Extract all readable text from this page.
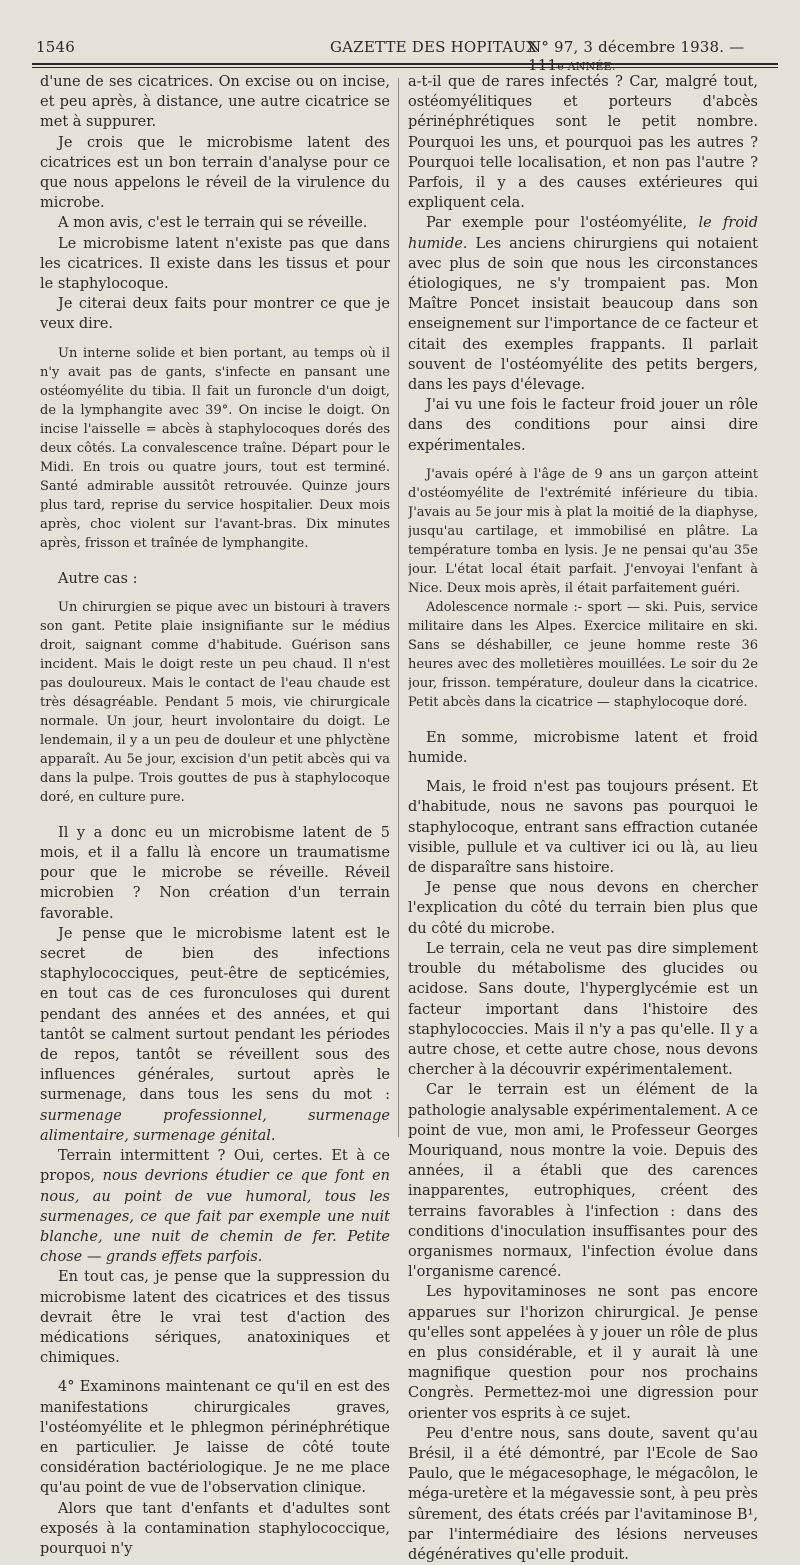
1546	GAZETTE DES HOPITAUX
N° 97, 3 décembre 1938. — 111e ANNÉE.

d'une de ses cicatrices. On excise ou on incise, et peu après, à distance, une autre cicatrice se met à suppurer.

Je crois que le microbisme latent des cicatrices est un bon terrain d'analyse pour ce que nous appelons le réveil de la virulence du microbe.

A mon avis, c'est le terrain qui se réveille.

Le microbisme latent n'existe pas que dans les cicatrices. Il existe dans les tissus et pour le staphylocoque.

Je citerai deux faits pour montrer ce que je veux dire.

Un interne solide et bien portant, au temps où il n'y avait pas de gants, s'infecte en pansant une ostéomyélite du tibia. Il fait un furoncle d'un doigt, de la lymphangite avec 39°. On incise le doigt. On incise l'aisselle = abcès à staphylocoques dorés des deux côtés. La convalescence traîne. Départ pour le Midi. En trois ou quatre jours, tout est terminé. Santé admirable aussitôt retrouvée. Quinze jours plus tard, reprise du service hospitalier. Deux mois après, choc violent sur l'avant-bras. Dix minutes après, frisson et traînée de lymphangite.

Autre cas :

Un chirurgien se pique avec un bistouri à travers son gant. Petite plaie insignifiante sur le médius droit, saignant comme d'habitude. Guérison sans incident. Mais le doigt reste un peu chaud. Il n'est pas douloureux. Mais le contact de l'eau chaude est très désagréable. Pendant 5 mois, vie chirurgicale normale. Un jour, heurt involontaire du doigt. Le lendemain, il y a un peu de douleur et une phlyctène apparaît. Au 5e jour, excision d'un petit abcès qui va dans la pulpe. Trois gouttes de pus à staphylocoque doré, en culture pure.

Il y a donc eu un microbisme latent de 5 mois, et il a fallu là encore un traumatisme pour que le microbe se réveille. Réveil microbien ? Non création d'un terrain favorable.

Je pense que le microbisme latent est le secret de bien des infections staphylococciques, peut-être de septicémies, en tout cas de ces furonculoses qui durent pendant des années et des années, et qui tantôt se calment surtout pendant les périodes de repos, tantôt se réveillent sous des influences générales, surtout après le surmenage, dans tous les sens du mot : surmenage professionnel, surmenage alimentaire, surmenage génital.

Terrain intermittent ? Oui, certes. Et à ce propos, nous devrions étudier ce que font en nous, au point de vue humoral, tous les surmenages, ce que fait par exemple une nuit blanche, une nuit de chemin de fer. Petite chose — grands effets parfois.

En tout cas, je pense que la suppression du microbisme latent des cicatrices et des tissus devrait être le vrai test d'action des médications sériques, anatoxiniques et chimiques.

4° Examinons maintenant ce qu'il en est des manifestations chirurgicales graves, l'ostéomyélite et le phlegmon périnéphrétique en particulier. Je laisse de côté toute considération bactériologique. Je ne me place qu'au point de vue de l'observation clinique.

Alors que tant d'enfants et d'adultes sont exposés à la contamination staphylococcique, pourquoi n'y

a-t-il que de rares infectés ? Car, malgré tout, ostéomyélitiques et porteurs d'abcès périnéphrétiques sont le petit nombre. Pourquoi les uns, et pourquoi pas les autres ? Pourquoi telle localisation, et non pas l'autre ? Parfois, il y a des causes extérieures qui expliquent cela.

Par exemple pour l'ostéomyélite, le froid humide. Les anciens chirurgiens qui notaient avec plus de soin que nous les circonstances étiologiques, ne s'y trompaient pas. Mon Maître Poncet insistait beaucoup dans son enseignement sur l'importance de ce facteur et citait des exemples frappants. Il parlait souvent de l'ostéomyélite des petits bergers, dans les pays d'élevage.

J'ai vu une fois le facteur froid jouer un rôle dans des conditions pour ainsi dire expérimentales.

J'avais opéré à l'âge de 9 ans un garçon atteint d'ostéomyélite de l'extrémité inférieure du tibia. J'avais au 5e jour mis à plat la moitié de la diaphyse, jusqu'au cartilage, et immobilisé en plâtre. La température tomba en lysis. Je ne pensai qu'au 35e jour. L'état local était parfait. J'envoyai l'enfant à Nice. Deux mois après, il était parfaitement guéri.

Adolescence normale :- sport — ski. Puis, service militaire dans les Alpes. Exercice militaire en ski. Sans se déshabiller, ce jeune homme reste 36 heures avec des molletières mouillées. Le soir du 2e jour, frisson. température, douleur dans la cicatrice. Petit abcès dans la cicatrice — staphylocoque doré.

En somme, microbisme latent et froid humide.

Mais, le froid n'est pas toujours présent. Et d'habitude, nous ne savons pas pourquoi le staphylocoque, entrant sans effraction cutanée visible, pullule et va cultiver ici ou là, au lieu de disparaître sans histoire.

Je pense que nous devons en chercher l'explication du côté du terrain bien plus que du côté du microbe.

Le terrain, cela ne veut pas dire simplement trouble du métabolisme des glucides ou acidose. Sans doute, l'hyperglycémie est un facteur important dans l'histoire des staphylococcies. Mais il n'y a pas qu'elle. Il y a autre chose, et cette autre chose, nous devons chercher à la découvrir expérimentalement.

Car le terrain est un élément de la pathologie analysable expérimentalement. A ce point de vue, mon ami, le Professeur Georges Mouriquand, nous montre la voie. Depuis des années, il a établi que des carences inapparentes, eutrophiques, créent des terrains favorables à l'infection : dans des conditions d'inoculation insuffisantes pour des organismes normaux, l'infection évolue dans l'organisme carencé.

Les hypovitaminoses ne sont pas encore apparues sur l'horizon chirurgical. Je pense qu'elles sont appelées à y jouer un rôle de plus en plus considérable, et il y aurait là une magnifique question pour nos prochains Congrès. Permettez-moi une digression pour orienter vos esprits à ce sujet.

Peu d'entre nous, sans doute, savent qu'au Brésil, il a été démontré, par l'Ecole de Sao Paulo, que le mégacesophage, le mégacôlon, le méga-uretère et la mégavessie sont, à peu près sûrement, des états créés par l'avitaminose B¹, par l'intermédiaire des lésions nerveuses dégénératives qu'elle produit.
